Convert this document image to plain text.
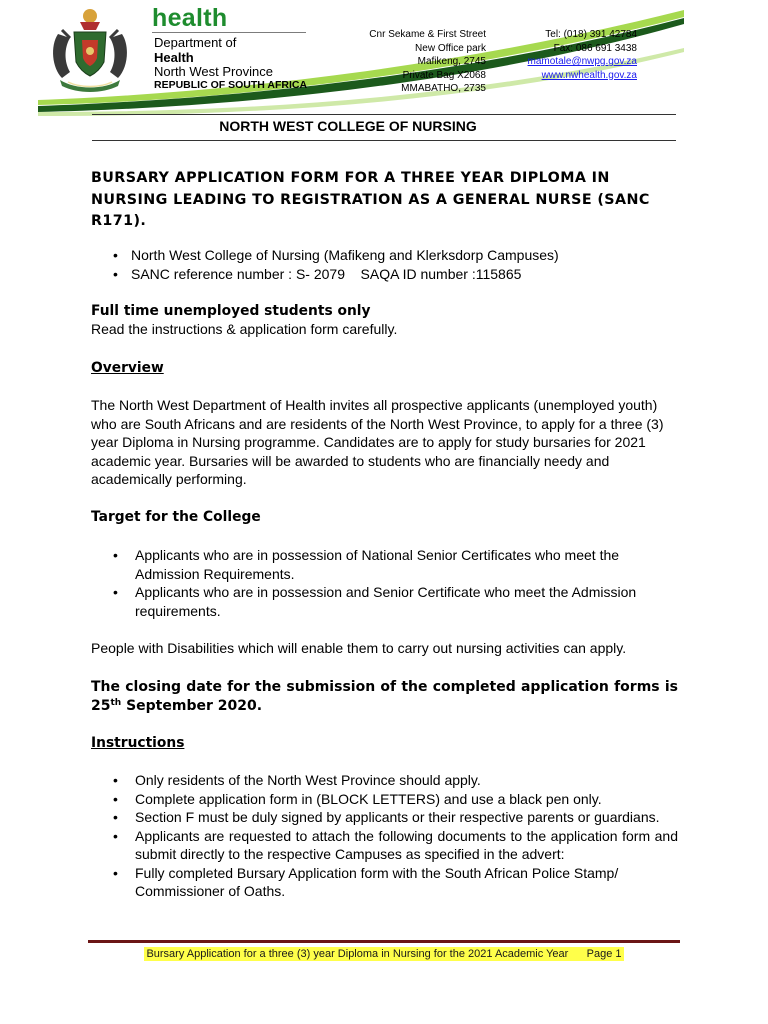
health
Department of
Health
North West Province
REPUBLIC OF SOUTH AFRICA
Cnr Sekame & First Street
New Office park
Mafikeng, 2745
Private Bag X2068
MMABATHO, 2735
Tel: (018) 391 42784
Fax: 086 691 3438
mamotale@nwpg.gov.za
www.nwhealth.gov.za
NORTH WEST COLLEGE OF NURSING
BURSARY APPLICATION FORM FOR A THREE YEAR DIPLOMA IN NURSING LEADING TO REGISTRATION AS A GENERAL NURSE (SANC R171).
• North West College of Nursing (Mafikeng and Klerksdorp Campuses)
• SANC reference number : S- 2079    SAQA ID number :115865
Full time unemployed students only
Read the instructions & application form carefully.
Overview
The North West Department of Health invites all prospective applicants (unemployed youth) who are South Africans and are residents of the North West Province, to apply for a three (3) year Diploma in Nursing programme. Candidates are to apply for study bursaries for 2021 academic year. Bursaries will be awarded to students who are financially needy and academically performing.
Target for the College
• Applicants who are in possession of National Senior Certificates who meet the Admission Requirements.
• Applicants who are in possession and Senior Certificate who meet the Admission requirements.
People with Disabilities which will enable them to carry out nursing activities can apply.
The closing date for the submission of the completed application forms is 25th September 2020.
Instructions
• Only residents of the North West Province should apply.
• Complete application form in (BLOCK LETTERS) and use a black pen only.
• Section F must be duly signed by applicants or their respective parents or guardians.
• Applicants are requested to attach the following documents to the application form and submit directly to the respective Campuses as specified in the advert:
• Fully completed Bursary Application form with the South African Police Stamp/ Commissioner of Oaths.
Bursary Application for a three (3) year Diploma in Nursing for the 2021 Academic Year Page 1
